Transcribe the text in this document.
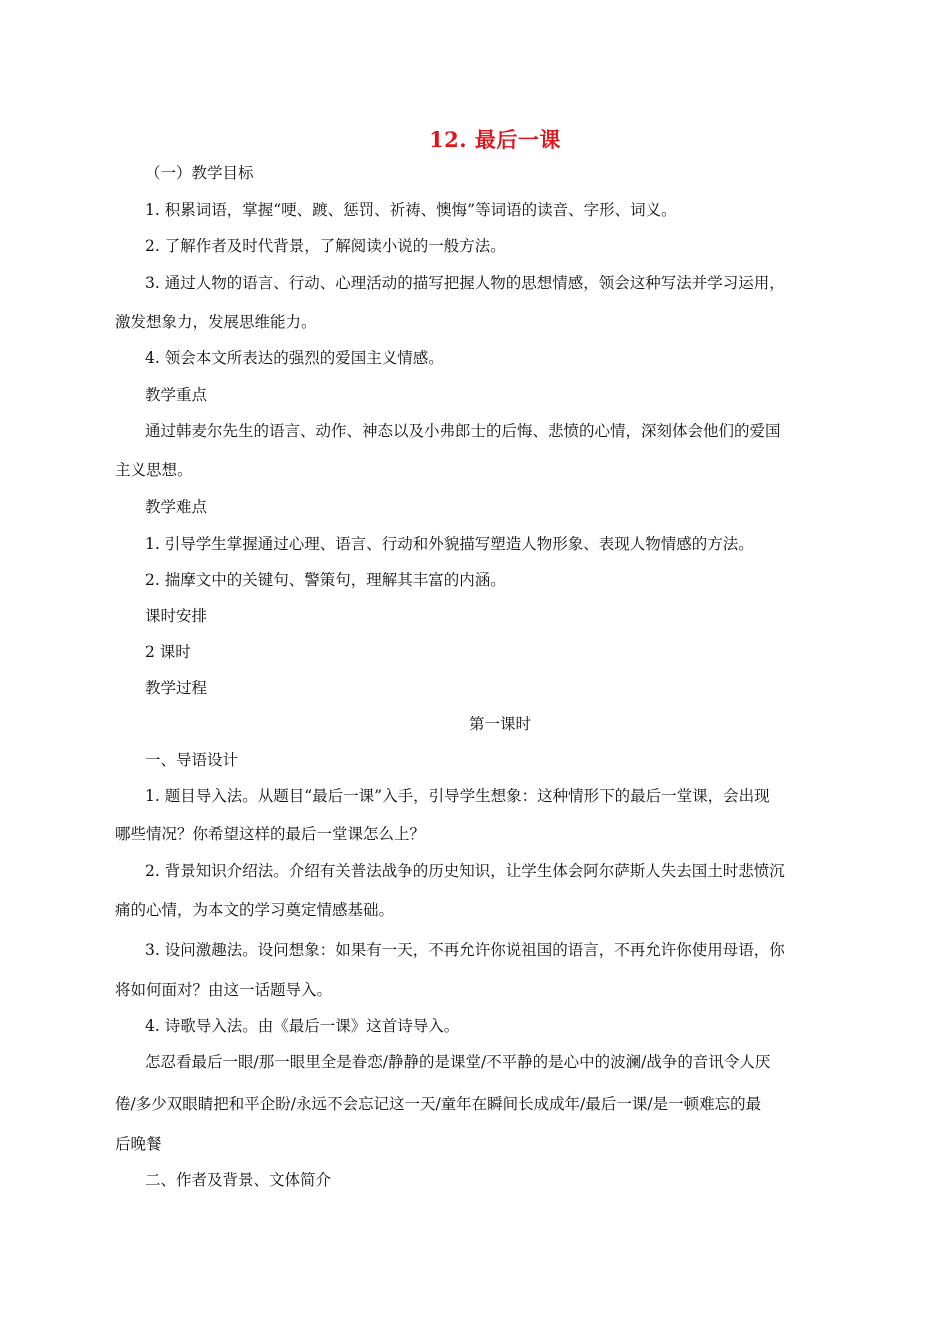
12. 最后一课
（一）教学目标
1. 积累词语，掌握“哽、踱、惩罚、祈祷、懊悔”等词语的读音、字形、词义。
2. 了解作者及时代背景，了解阅读小说的一般方法。
3. 通过人物的语言、行动、心理活动的描写把握人物的思想情感，领会这种写法并学习运用，
激发想象力，发展思维能力。
4. 领会本文所表达的强烈的爱国主义情感。
教学重点
通过韩麦尔先生的语言、动作、神态以及小弗郎士的后悔、悲愤的心情，深刻体会他们的爱国
主义思想。
教学难点
1. 引导学生掌握通过心理、语言、行动和外貌描写塑造人物形象、表现人物情感的方法。
2. 揣摩文中的关键句、警策句，理解其丰富的内涵。
课时安排
2 课时
教学过程
第一课时
一、导语设计
1. 题目导入法。从题目“最后一课”入手，引导学生想象：这种情形下的最后一堂课，会出现
哪些情况？你希望这样的最后一堂课怎么上？
2. 背景知识介绍法。介绍有关普法战争的历史知识，让学生体会阿尔萨斯人失去国土时悲愤沉
痛的心情，为本文的学习奠定情感基础。
3. 设问激趣法。设问想象：如果有一天，不再允许你说祖国的语言，不再允许你使用母语，你
将如何面对？由这一话题导入。
4. 诗歌导入法。由《最后一课》这首诗导入。
怎忍看最后一眼/那一眼里全是眷恋/静静的是课堂/不平静的是心中的波澜/战争的音讯令人厌
倦/多少双眼睛把和平企盼/永远不会忘记这一天/童年在瞬间长成成年/最后一课/是一顿难忘的最
后晚餐
二、作者及背景、文体简介
